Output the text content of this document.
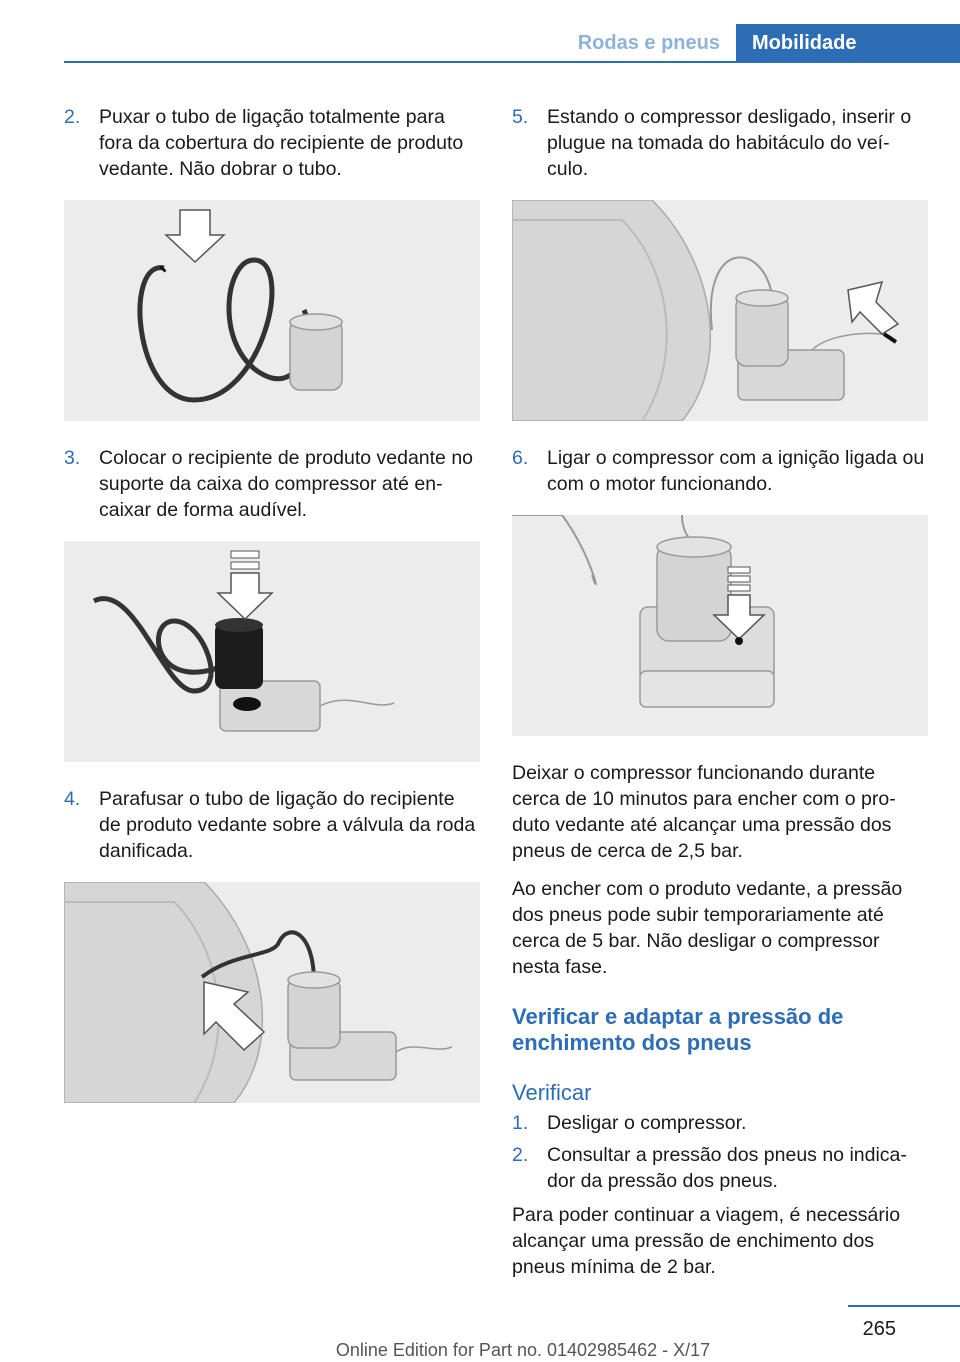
Rodas e pneus	Mobilidade
2. Puxar o tubo de ligação totalmente para fora da cobertura do recipiente de produto vedante. Não dobrar o tubo.
3. Colocar o recipiente de produto vedante no suporte da caixa do compressor até en‐ caixar de forma audível.
4. Parafusar o tubo de ligação do recipiente de produto vedante sobre a válvula da roda danificada.
5. Estando o compressor desligado, inserir o plugue na tomada do habitáculo do veí‐ culo.
6. Ligar o compressor com a ignição ligada ou com o motor funcionando.
Deixar o compressor funcionando durante cerca de 10 minutos para encher com o pro‐ duto vedante até alcançar uma pressão dos pneus de cerca de 2,5 bar.
Ao encher com o produto vedante, a pressão dos pneus pode subir temporariamente até cerca de 5 bar. Não desligar o compressor nesta fase.
Verificar e adaptar a pressão de enchimento dos pneus
Verificar
1. Desligar o compressor.
2. Consultar a pressão dos pneus no indica‐ dor da pressão dos pneus.
Para poder continuar a viagem, é necessário alcançar uma pressão de enchimento dos pneus mínima de 2 bar.
265
Online Edition for Part no. 01402985462 - X/17
